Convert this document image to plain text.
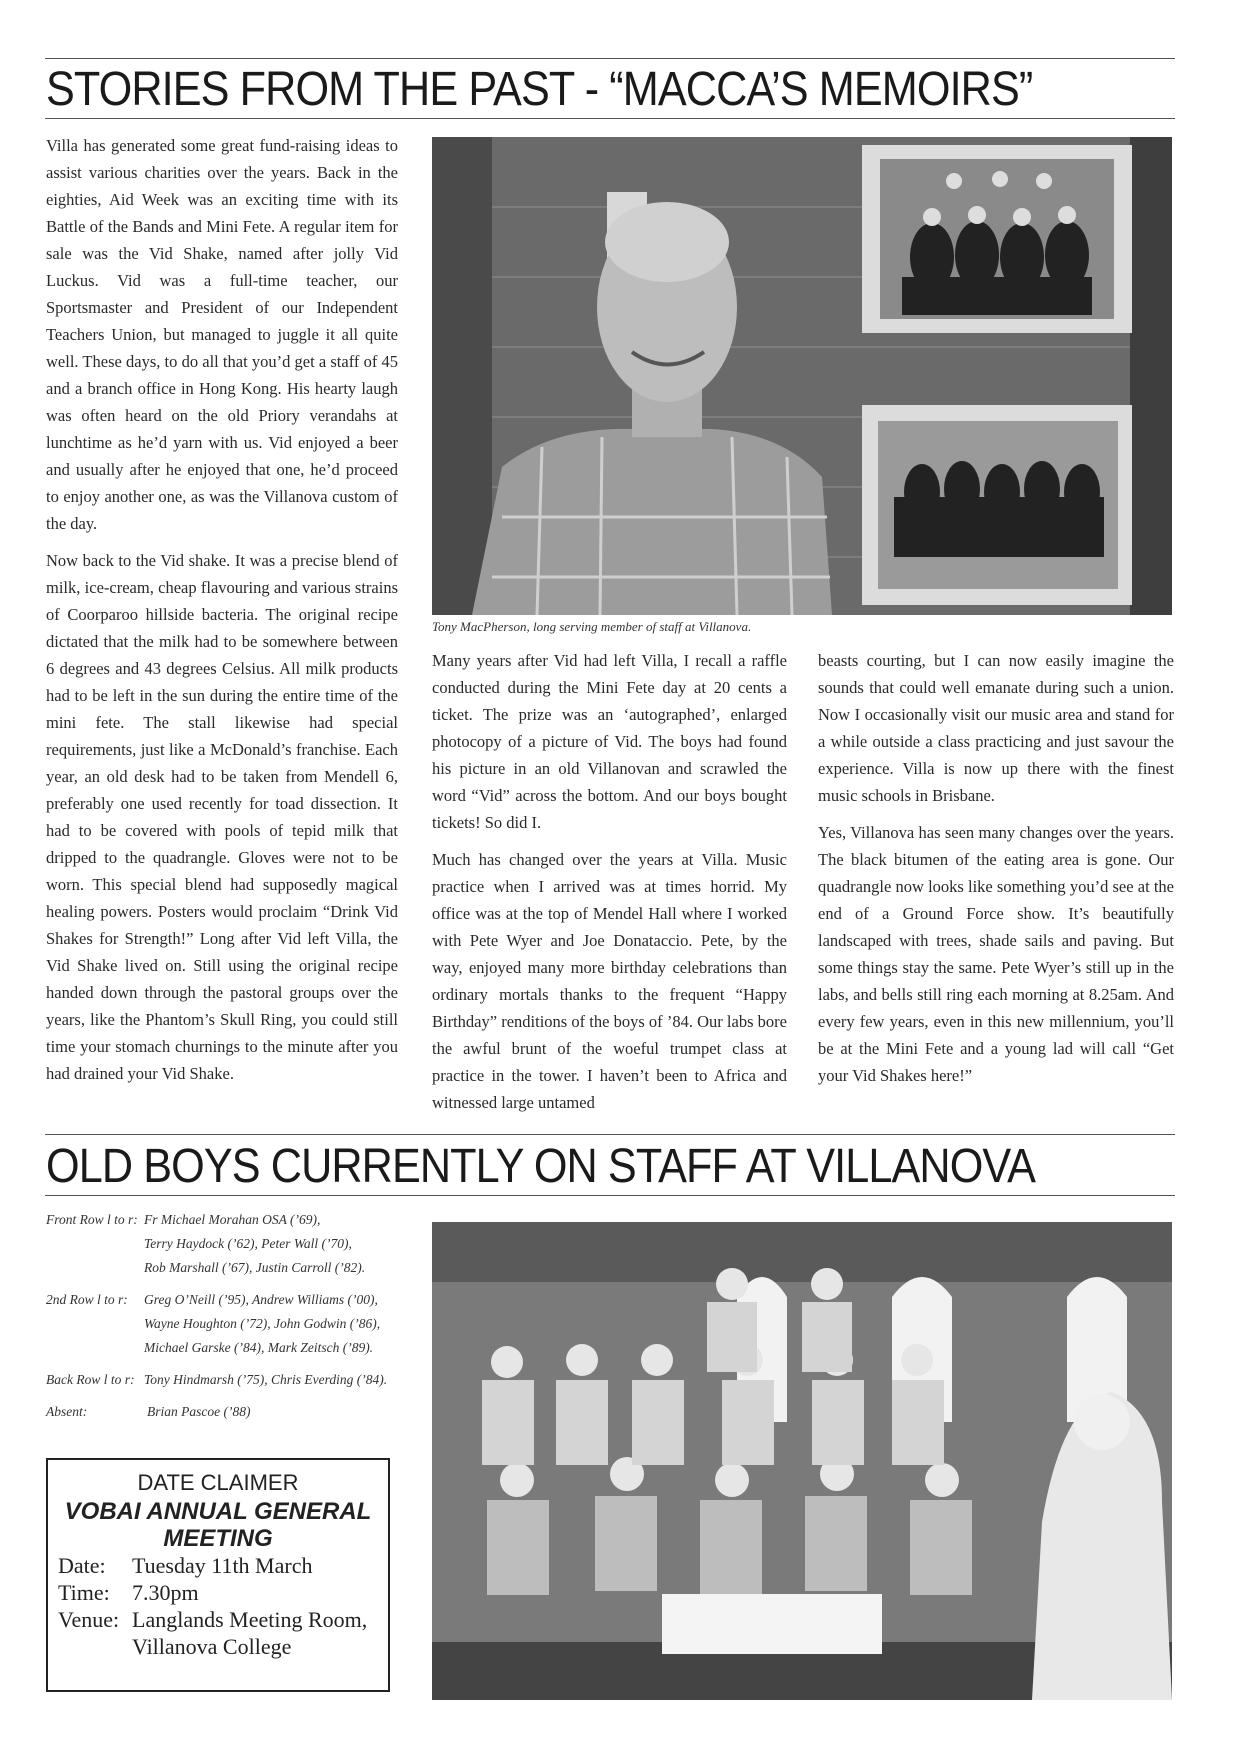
STORIES FROM THE PAST - “MACCA’S MEMOIRS”

Villa has generated some great fund-raising ideas to assist various charities over the years. Back in the eighties, Aid Week was an exciting time with its Battle of the Bands and Mini Fete. A regular item for sale was the Vid Shake, named after jolly Vid Luckus. Vid was a full-time teacher, our Sportsmaster and President of our Independent Teachers Union, but managed to juggle it all quite well. These days, to do all that you’d get a staff of 45 and a branch office in Hong Kong. His hearty laugh was often heard on the old Priory verandahs at lunchtime as he’d yarn with us. Vid enjoyed a beer and usually after he enjoyed that one, he’d proceed to enjoy another one, as was the Villanova custom of the day.

Now back to the Vid shake. It was a precise blend of milk, ice-cream, cheap flavouring and various strains of Coorparoo hillside bacteria. The original recipe dictated that the milk had to be somewhere between 6 degrees and 43 degrees Celsius. All milk products had to be left in the sun during the entire time of the mini fete. The stall likewise had special requirements, just like a McDonald’s franchise. Each year, an old desk had to be taken from Mendell 6, preferably one used recently for toad dissection. It had to be covered with pools of tepid milk that dripped to the quadrangle. Gloves were not to be worn. This special blend had supposedly magical healing powers. Posters would proclaim “Drink Vid Shakes for Strength!” Long after Vid left Villa, the Vid Shake lived on. Still using the original recipe handed down through the pastoral groups over the years, like the Phantom’s Skull Ring, you could still time your stomach churnings to the minute after you had drained your Vid Shake.

Tony MacPherson, long serving member of staff at Villanova.

Many years after Vid had left Villa, I recall a raffle conducted during the Mini Fete day at 20 cents a ticket. The prize was an ‘autographed’, enlarged photocopy of a picture of Vid. The boys had found his picture in an old Villanovan and scrawled the word “Vid” across the bottom. And our boys bought tickets! So did I.

Much has changed over the years at Villa. Music practice when I arrived was at times horrid. My office was at the top of Mendel Hall where I worked with Pete Wyer and Joe Donataccio. Pete, by the way, enjoyed many more birthday celebrations than ordinary mortals thanks to the frequent “Happy Birthday” renditions of the boys of ’84. Our labs bore the awful brunt of the woeful trumpet class at practice in the tower. I haven’t been to Africa and witnessed large untamed

beasts courting, but I can now easily imagine the sounds that could well emanate during such a union. Now I occasionally visit our music area and stand for a while outside a class practicing and just savour the experience. Villa is now up there with the finest music schools in Brisbane.

Yes, Villanova has seen many changes over the years. The black bitumen of the eating area is gone. Our quadrangle now looks like something you’d see at the end of a Ground Force show. It’s beautifully landscaped with trees, shade sails and paving. But some things stay the same. Pete Wyer’s still up in the labs, and bells still ring each morning at 8.25am. And every few years, even in this new millennium, you’ll be at the Mini Fete and a young lad will call “Get your Vid Shakes here!”

OLD BOYS CURRENTLY ON STAFF AT VILLANOVA
Front Row l to r: Fr Michael Morahan OSA (’69),
Terry Haydock (’62), Peter Wall (’70),
Rob Marshall (’67), Justin Carroll (’82).
2nd Row l to r:	Greg O’Neill (’95), Andrew Williams (’00),
Wayne Houghton (’72), John Godwin (’86),
Michael Garske (’84), Mark Zeitsch (’89).
Back Row l to r: Tony Hindmarsh (’75), Chris Everding (’84).
Absent:	Brian Pascoe (’88)
DATE CLAIMER
VOBAI ANNUAL GENERAL MEETING
Date:	Tuesday 11th March
Time:	7.30pm
Venue: Langlands Meeting Room,
Villanova College
